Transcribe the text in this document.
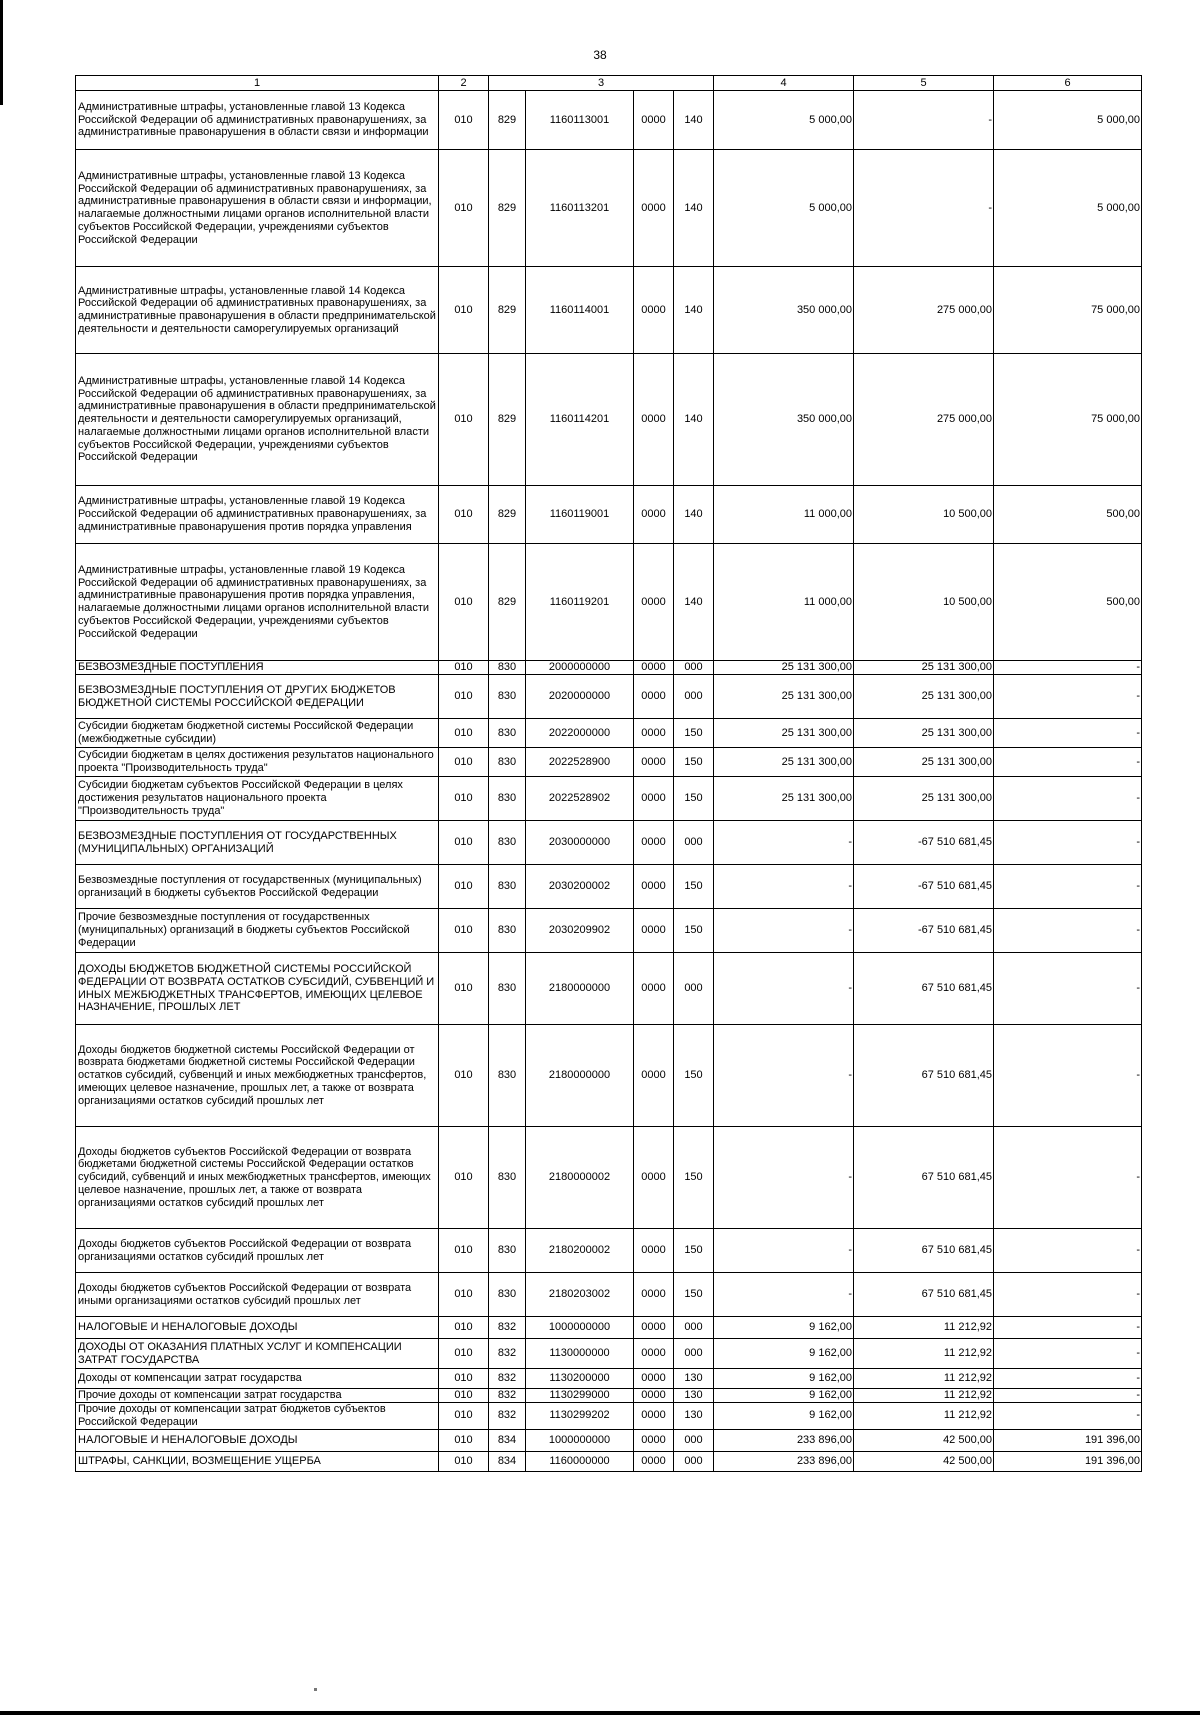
38
1	2	3				4	5	6
Административные штрафы, установленные главой 13 Кодекса Российской Федерации об административных правонарушениях, за административные правонарушения в области связи и информации	010	829	1160113001	0000	140	5 000,00	-	5 000,00
Административные штрафы, установленные главой 13 Кодекса Российской Федерации об административных правонарушениях, за административные правонарушения в области связи и информации, налагаемые должностными лицами органов исполнительной власти субъектов Российской Федерации, учреждениями субъектов Российской Федерации	010	829	1160113201	0000	140	5 000,00	-	5 000,00
Административные штрафы, установленные главой 14 Кодекса Российской Федерации об административных правонарушениях, за административные правонарушения в области предпринимательской деятельности и деятельности саморегулируемых организаций	010	829	1160114001	0000	140	350 000,00	275 000,00	75 000,00
Административные штрафы, установленные главой 14 Кодекса Российской Федерации об административных правонарушениях, за административные правонарушения в области предпринимательской деятельности и деятельности саморегулируемых организаций, налагаемые должностными лицами органов исполнительной власти субъектов Российской Федерации, учреждениями субъектов Российской Федерации	010	829	1160114201	0000	140	350 000,00	275 000,00	75 000,00
Административные штрафы, установленные главой 19 Кодекса Российской Федерации об административных правонарушениях, за административные правонарушения против порядка управления	010	829	1160119001	0000	140	11 000,00	10 500,00	500,00
Административные штрафы, установленные главой 19 Кодекса Российской Федерации об административных правонарушениях, за административные правонарушения против порядка управления, налагаемые должностными лицами органов исполнительной власти субъектов Российской Федерации, учреждениями субъектов Российской Федерации	010	829	1160119201	0000	140	11 000,00	10 500,00	500,00
БЕЗВОЗМЕЗДНЫЕ ПОСТУПЛЕНИЯ	010	830	2000000000	0000	000	25 131 300,00	25 131 300,00	-
БЕЗВОЗМЕЗДНЫЕ ПОСТУПЛЕНИЯ ОТ ДРУГИХ БЮДЖЕТОВ БЮДЖЕТНОЙ СИСТЕМЫ РОССИЙСКОЙ ФЕДЕРАЦИИ	010	830	2020000000	0000	000	25 131 300,00	25 131 300,00	-
Субсидии бюджетам бюджетной системы Российской Федерации (межбюджетные субсидии)	010	830	2022000000	0000	150	25 131 300,00	25 131 300,00	-
Субсидии бюджетам в целях достижения результатов национального проекта "Производительность труда"	010	830	2022528900	0000	150	25 131 300,00	25 131 300,00	-
Субсидии бюджетам субъектов Российской Федерации в целях достижения результатов национального проекта "Производительность труда"	010	830	2022528902	0000	150	25 131 300,00	25 131 300,00	-
БЕЗВОЗМЕЗДНЫЕ ПОСТУПЛЕНИЯ ОТ ГОСУДАРСТВЕННЫХ (МУНИЦИПАЛЬНЫХ) ОРГАНИЗАЦИЙ	010	830	2030000000	0000	000	-	-67 510 681,45	-
Безвозмездные поступления от государственных (муниципальных) организаций в бюджеты субъектов Российской Федерации	010	830	2030200002	0000	150	-	-67 510 681,45	-
Прочие безвозмездные поступления от государственных (муниципальных) организаций в бюджеты субъектов Российской Федерации	010	830	2030209902	0000	150	-	-67 510 681,45	-
ДОХОДЫ БЮДЖЕТОВ БЮДЖЕТНОЙ СИСТЕМЫ РОССИЙСКОЙ ФЕДЕРАЦИИ ОТ ВОЗВРАТА ОСТАТКОВ СУБСИДИЙ, СУБВЕНЦИЙ И ИНЫХ МЕЖБЮДЖЕТНЫХ ТРАНСФЕРТОВ, ИМЕЮЩИХ ЦЕЛЕВОЕ НАЗНАЧЕНИЕ, ПРОШЛЫХ ЛЕТ	010	830	2180000000	0000	000	-	67 510 681,45	-
Доходы бюджетов бюджетной системы Российской Федерации от возврата бюджетами бюджетной системы Российской Федерации остатков субсидий, субвенций и иных межбюджетных трансфертов, имеющих целевое назначение, прошлых лет, а также от возврата организациями остатков субсидий прошлых лет	010	830	2180000000	0000	150	-	67 510 681,45	-
Доходы бюджетов субъектов Российской Федерации от возврата бюджетами бюджетной системы Российской Федерации остатков субсидий, субвенций и иных межбюджетных трансфертов, имеющих целевое назначение, прошлых лет, а также от возврата организациями остатков субсидий прошлых лет	010	830	2180000002	0000	150	-	67 510 681,45	-
Доходы бюджетов субъектов Российской Федерации от возврата организациями остатков субсидий прошлых лет	010	830	2180200002	0000	150	-	67 510 681,45	-
Доходы бюджетов субъектов Российской Федерации от возврата иными организациями остатков субсидий прошлых лет	010	830	2180203002	0000	150	-	67 510 681,45	-
НАЛОГОВЫЕ И НЕНАЛОГОВЫЕ ДОХОДЫ	010	832	1000000000	0000	000	9 162,00	11 212,92	-
ДОХОДЫ ОТ ОКАЗАНИЯ ПЛАТНЫХ УСЛУГ И КОМПЕНСАЦИИ ЗАТРАТ ГОСУДАРСТВА	010	832	1130000000	0000	000	9 162,00	11 212,92	-
Доходы от компенсации затрат государства	010	832	1130200000	0000	130	9 162,00	11 212,92	-
Прочие доходы от компенсации затрат государства	010	832	1130299000	0000	130	9 162,00	11 212,92	-
Прочие доходы от компенсации затрат бюджетов субъектов Российской Федерации	010	832	1130299202	0000	130	9 162,00	11 212,92	-
НАЛОГОВЫЕ И НЕНАЛОГОВЫЕ ДОХОДЫ	010	834	1000000000	0000	000	233 896,00	42 500,00	191 396,00
ШТРАФЫ, САНКЦИИ, ВОЗМЕЩЕНИЕ УЩЕРБА	010	834	1160000000	0000	000	233 896,00	42 500,00	191 396,00
